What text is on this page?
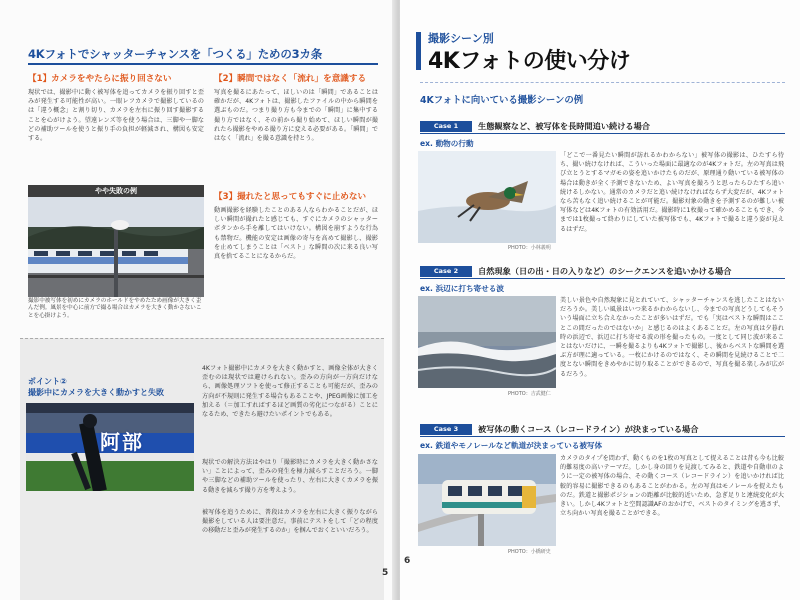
4Kフォトでシャッターチャンスを「つくる」ための3カ条
【1】カメラをやたらに振り回さない
現状では、撮影中に動く被写体を追ってカメラを振り回すと歪みが発生する可能性が高い。一眼レフカメラで撮影しているのは「違う概念」と割り切り、カメラを左右に振り回す撮影することを心がけよう。望遠レンズ等を使う場合は、三脚や一脚などの補助ツールを使うと振り手の負担が軽減され、構図も安定する。
やや失敗の例
撮影中被写体を初めにカメラのホールドをやめたため画像が大きく歪んだ例。風景を中心に前方で撮る場合はカメラを大きく動かさないことを心掛けよう。
【2】瞬間ではなく「流れ」を意識する
写真を撮るにあたって、ほしいのは「瞬間」であることは確かだが、4Kフォトは、撮影したファイルの中から瞬間を選ぶものだ。つまり撮り方も今までの「瞬間」に集中する撮り方ではなく、その前から撮り始めて、ほしい瞬間が撮れたら撮影をやめる撮り方に変える必要がある。「瞬間」ではなく「流れ」を撮る意識を持とう。
【3】撮れたと思ってもすぐに止めない
動画撮影を経験したことのある人ならわかることだが、ほしい瞬間が撮れたと感じても、すぐにカメラのシャッターボタンから手を離してはいけない。構図を崩すような行為も禁物だ。機能の安定は画像の寄与を高めて撮影し、撮影を止めてしまうことは「ベスト」な瞬間の次に来る良い写真を捨てることになるからだ。
ポイント②
撮影中にカメラを大きく動かすと失敗
阿部
4Kフォト撮影中にカメラを大きく動かすと、画像全体が大きく歪むのは現状では避けられない。歪みの方向が一方向だけなら、画像処理ソフトを使って修正することも可能だが、歪みの方向が不規則に発生する場合もあることや、JPEG画像に加工を加える（＝加工すればするほど画質の劣化につながる）ことになるため、できたら避けたいポイントでもある。
現状での解決方法はやはり「撮影時にカメラを大きく動かさない」ことによって、歪みの発生を極力減らすことだろう。一脚や三脚などの補助ツールを使ったり、左右に大きくカメラを振る動きを減らす撮り方を考えよう。
被写体を追うために、普段はカメラを左右に大きく振りながら撮影をしている人は要注意だ。事前にテストをして「どの程度の移動だと歪みが発生するのか」を掴んでおくといいだろう。
5
撮影シーン別
4Kフォトの使い分け
4Kフォトに向いている撮影シーンの例
Case 1	生態観察など、被写体を長時間追い続ける場合
ex. 動物の行動
PHOTO：小林義明
「どこで一番見たい瞬間が訪れるかわからない」被写体の撮影は、ひたすら待ち、撮い続けなければ、こういった場面に最適なのが4Kフォトだ。左の写真は飛び立とうとするマガモの姿を追いかけたものだが、原理通り動いている被写体の場合は動きが全く予測できないため、よい写真を撮ろうと思ったらひたすら追い続けるしかない。通常のカメラだと追い続けなければならず大変だが、4Kフォトなら苦もなく追い続けることが可能だ。撮影対象の動きを予測するのが難しい被写体などは4Kフォトの有効活用だ。撮影時に1枚撮って確かめることもでき、今までは1枚撮って終わりにしていた被写体でも、4Kフォトで撮ると違う姿が見えるはずだ。
Case 2	自然現象（日の出・日の入りなど）のシークエンスを追いかける場合
ex. 浜辺に打ち寄せる波
PHOTO：吉武健仁
美しい景色や自然現象に見とれていて、シャッターチャンスを逃したことはないだろうか。美しい風景はいつ来るかわからないし、今までの写真どうしてもそういう場面に立ち合えなかったことが多いはずだ。でも「実はベストな瞬間はこことこの間だったのではないか」と感じるのはよくあることだ。左の写真は夕暮れ時の浜辺で、浜辺に打ち寄せる波の形を撮ったもの。一度として同じ波が来ることはないだけに、一瞬を撮るよりも4Kフォトで撮影し、後からベストな瞬間を選ぶ方が理に適っている。一枚にかけるのではなく、その瞬間を見続けることで二度とない瞬間をきめやかに切り取ることができるので、写真を撮る楽しみが広がるだろう。
Case 3	被写体の動くコース（レコードライン）が決まっている場合
ex. 鉄道やモノレールなど軌道が決まっている被写体
PHOTO：小橋研史
カメラのタイプを問わず、動くものを1枚の写真として捉えることは昔も今も比較的難易度の高いテーマだ。しかし身の回りを見渡してみると、鉄道や自動車のように一定の被写体の場合、その動くコース（レコードライン）を追いかければ比較的容易に撮影できるのもあることがわかる。左の写真はモノレールを捉えたものだ。鉄道と撮影ポジションの距離が比較的近いため、急ぎ足りと連続変化が大きい。しかし4Kフォトと空間認識AFのおかげで、ベストのタイミングを逃さず、立ち向かい写真を撮ることができる。
6
